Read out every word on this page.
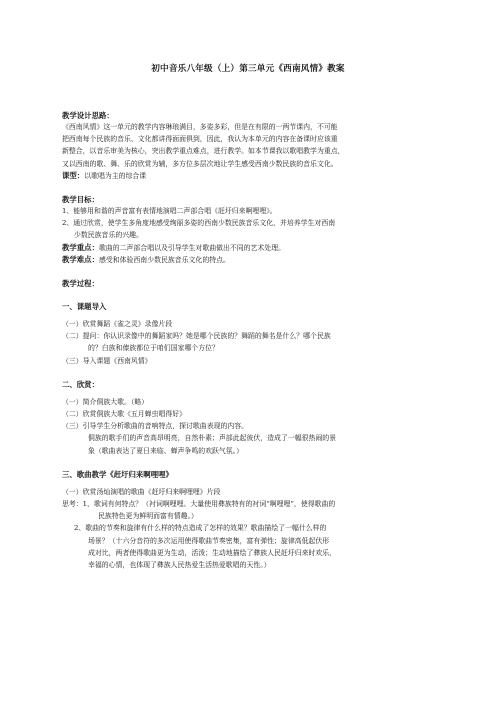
初中音乐八年级（上）第三单元《西南风情》教案
教学设计思路：
《西南风情》这一单元的教学内容琳琅满目，多姿多彩，但是在有限的一两节课内，不可能
把西南每个民族的音乐、文化都讲得面面俱到，因此，我认为本单元的内容在备课时应该重
新整合，以音乐审美为核心，突出教学重点难点，进行教学。如本节课我以歌唱教学为重点，
又以西南的歌、舞、乐的欣赏为辅，多方位多层次地让学生感受西南少数民族的音乐文化。
课型：以歌唱为主的综合课
教学目标：
1、能够用和谐的声音富有表情地演唱二声部合唱《赶圩归来啊哩哩》。
2、通过欣赏，使学生多角度地感受绚丽多姿的西南少数民族音乐文化，并培养学生对西南
少数民族音乐的兴趣。
教学重点：歌曲的二声部合唱以及引导学生对歌曲做出不同的艺术处理。
教学难点：感受和体验西南少数民族音乐文化的特点。
教学过程：
一、课题导入
（一）欣赏舞蹈《雀之灵》录像片段
（二）提问：你认识录像中的舞蹈家吗？她是哪个民族的？舞蹈的舞名是什么？哪个民族
的？白族和傣族都位于咱们国家哪个方位？
（三）导入课题《西南风情》
二、欣赏：
（一）简介侗族大歌。（略）
（二）欣赏侗族大歌《五月蝉虫唱得好》
（三）引导学生分析歌曲的音响特点，探讨歌曲表现的内容。
侗族的歌手们的声音高昂明亮，自然朴素；声部此起彼伏，造成了一幅很热闹的景
象（歌曲表达了夏日来临、蝉声争鸣的欢跃气氛。）
三、歌曲教学《赶圩归来啊哩哩》
（一）欣赏汤灿演唱的歌曲《赶圩归来啊哩哩》片段
思考：1、歌词有何特点？（衬词啊哩哩。大量使用彝族特有的衬词“啊哩哩”，使得歌曲的
民族特色更为鲜明而富有情趣。）
2、歌曲的节奏和旋律有什么样的特点造成了怎样的效果？歌曲描绘了一幅什么样的
场景？（十六分音符的多次运用使得歌曲节奏密集，富有弹性；旋律高低起伏形
成对比，两者使得歌曲更为生动，活泼；生动地描绘了彝族人民赶圩归来时欢乐，
幸福的心情，也体现了彝族人民热爱生活热爱歌唱的天性。）
